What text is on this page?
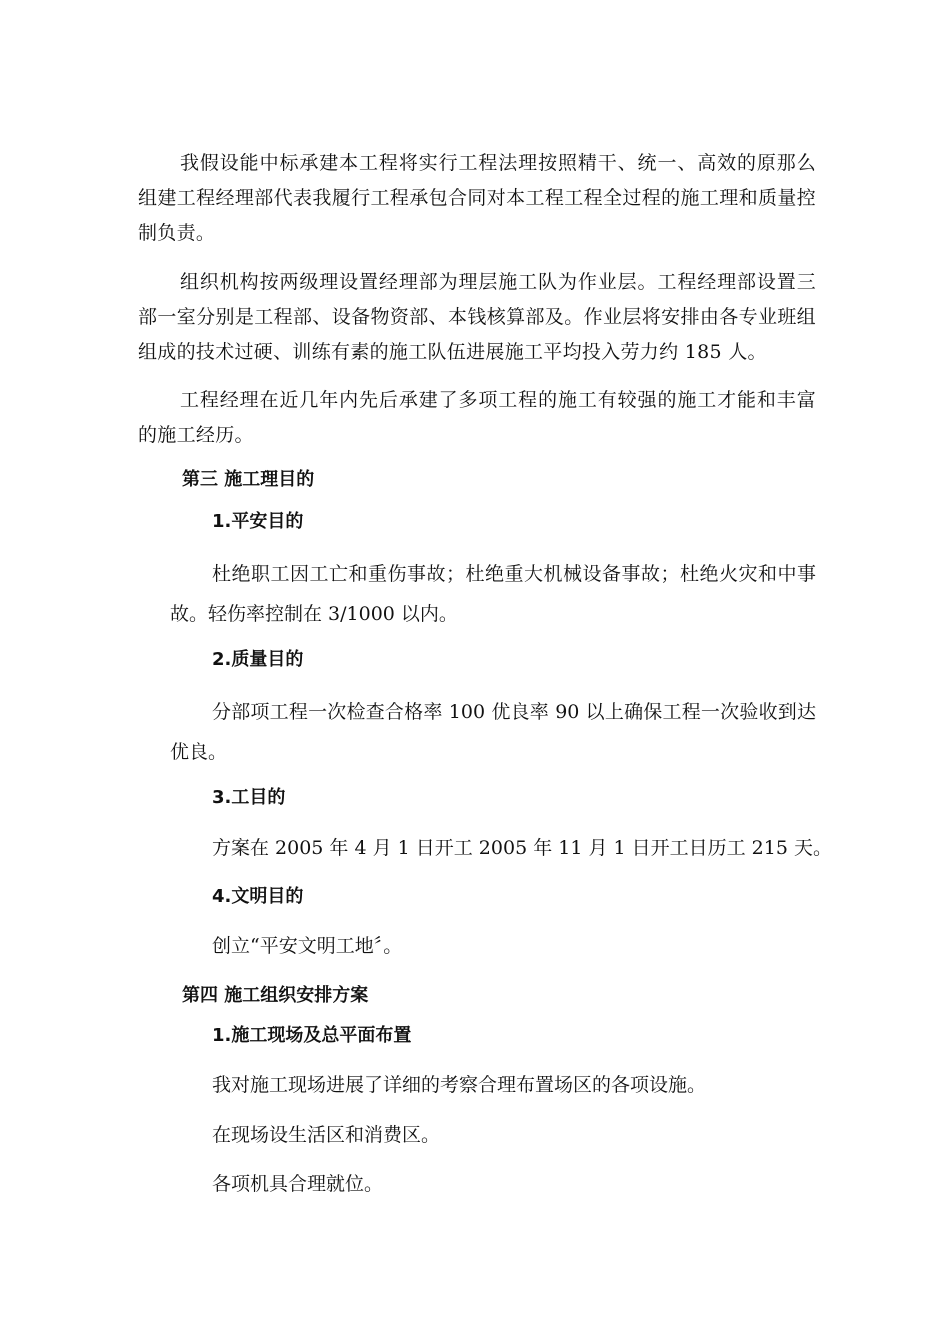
我假设能中标承建本工程将实行工程法理按照精干、统一、高效的原那么组建工程经理部代表我履行工程承包合同对本工程工程全过程的施工理和质量控制负责。

组织机构按两级理设置经理部为理层施工队为作业层。工程经理部设置三部一室分别是工程部、设备物资部、本钱核算部及。作业层将安排由各专业班组组成的技术过硬、训练有素的施工队伍进展施工平均投入劳力约 185 人。

工程经理在近几年内先后承建了多项工程的施工有较强的施工才能和丰富的施工经历。

第三 施工理目的
1.平安目的

杜绝职工因工亡和重伤事故；杜绝重大机械设备事故；杜绝火灾和中事故。轻伤率控制在 3/1000 以内。

2.质量目的

分部项工程一次检查合格率 100 优良率 90 以上确保工程一次验收到达优良。

3.工目的
方案在 2005 年 4 月 1 日开工 2005 年 11 月 1 日开工日历工 215 天。
4.文明目的
创立“平安文明工地〞。
第四 施工组织安排方案
1.施工现场及总平面布置
我对施工现场进展了详细的考察合理布置场区的各项设施。
在现场设生活区和消费区。
各项机具合理就位。
